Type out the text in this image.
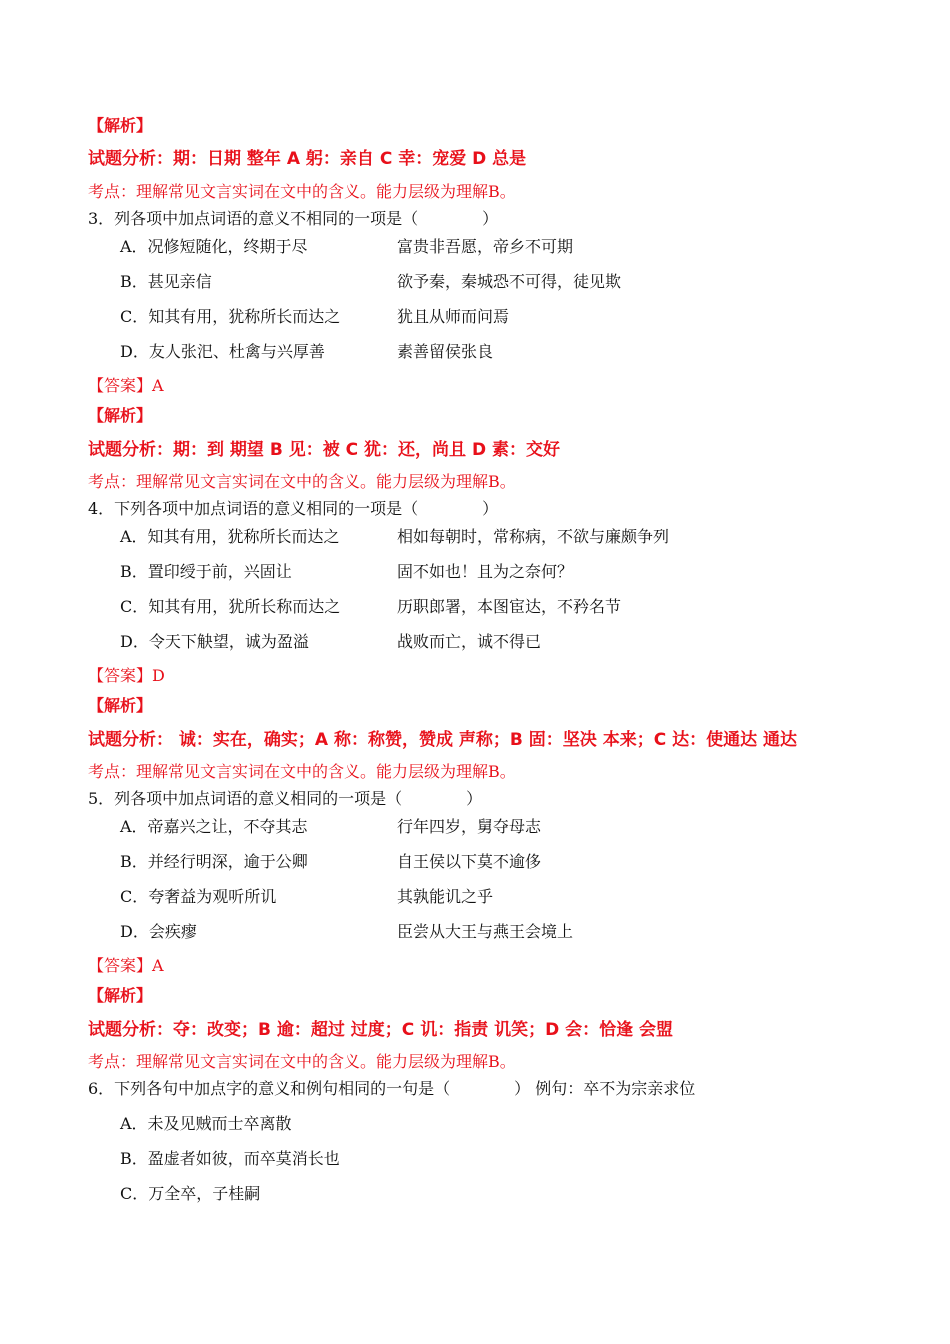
【解析】
试题分析：期：日期 整年 A 躬：亲自 C 幸：宠爱 D 总是
考点：理解常见文言实词在文中的含义。能力层级为理解B。
3．列各项中加点词语的意义不相同的一项是（　　　　）
A．况修短随化，终期于尽	富贵非吾愿，帝乡不可期
B．甚见亲信	欲予秦，秦城恐不可得，徒见欺
C．知其有用，犹称所长而达之	犹且从师而问焉
D．友人张汜、杜禽与兴厚善	素善留侯张良
【答案】A
【解析】
试题分析：期：到 期望 B 见：被 C 犹：还，尚且 D 素：交好
考点：理解常见文言实词在文中的含义。能力层级为理解B。
4．下列各项中加点词语的意义相同的一项是（　　　　）
A．知其有用，犹称所长而达之	相如每朝时，常称病，不欲与廉颇争列
B．置印绶于前，兴固让	固不如也！且为之奈何？
C．知其有用，犹所长称而达之	历职郎署，本图宦达，不矜名节
D．令天下觖望，诚为盈溢	战败而亡，诚不得已
【答案】D
【解析】
试题分析： 诚：实在，确实；A 称：称赞，赞成 声称；B 固：坚决 本来；C 达：使通达 通达
考点：理解常见文言实词在文中的含义。能力层级为理解B。
5．列各项中加点词语的意义相同的一项是（　　　　）
A．帝嘉兴之让，不夺其志	行年四岁，舅夺母志
B．并经行明深，逾于公卿	自王侯以下莫不逾侈
C．夸奢益为观听所讥	其孰能讥之乎
D．会疾瘳	臣尝从大王与燕王会境上
【答案】A
【解析】
试题分析：夺：改变；B 逾：超过 过度；C 讥：指责 讥笑；D 会：恰逢 会盟
考点：理解常见文言实词在文中的含义。能力层级为理解B。
6．下列各句中加点字的意义和例句相同的一句是（　　　　） 例句：卒不为宗亲求位
A．未及见贼而士卒离散
B．盈虚者如彼，而卒莫消长也
C．万全卒，子桂嗣
